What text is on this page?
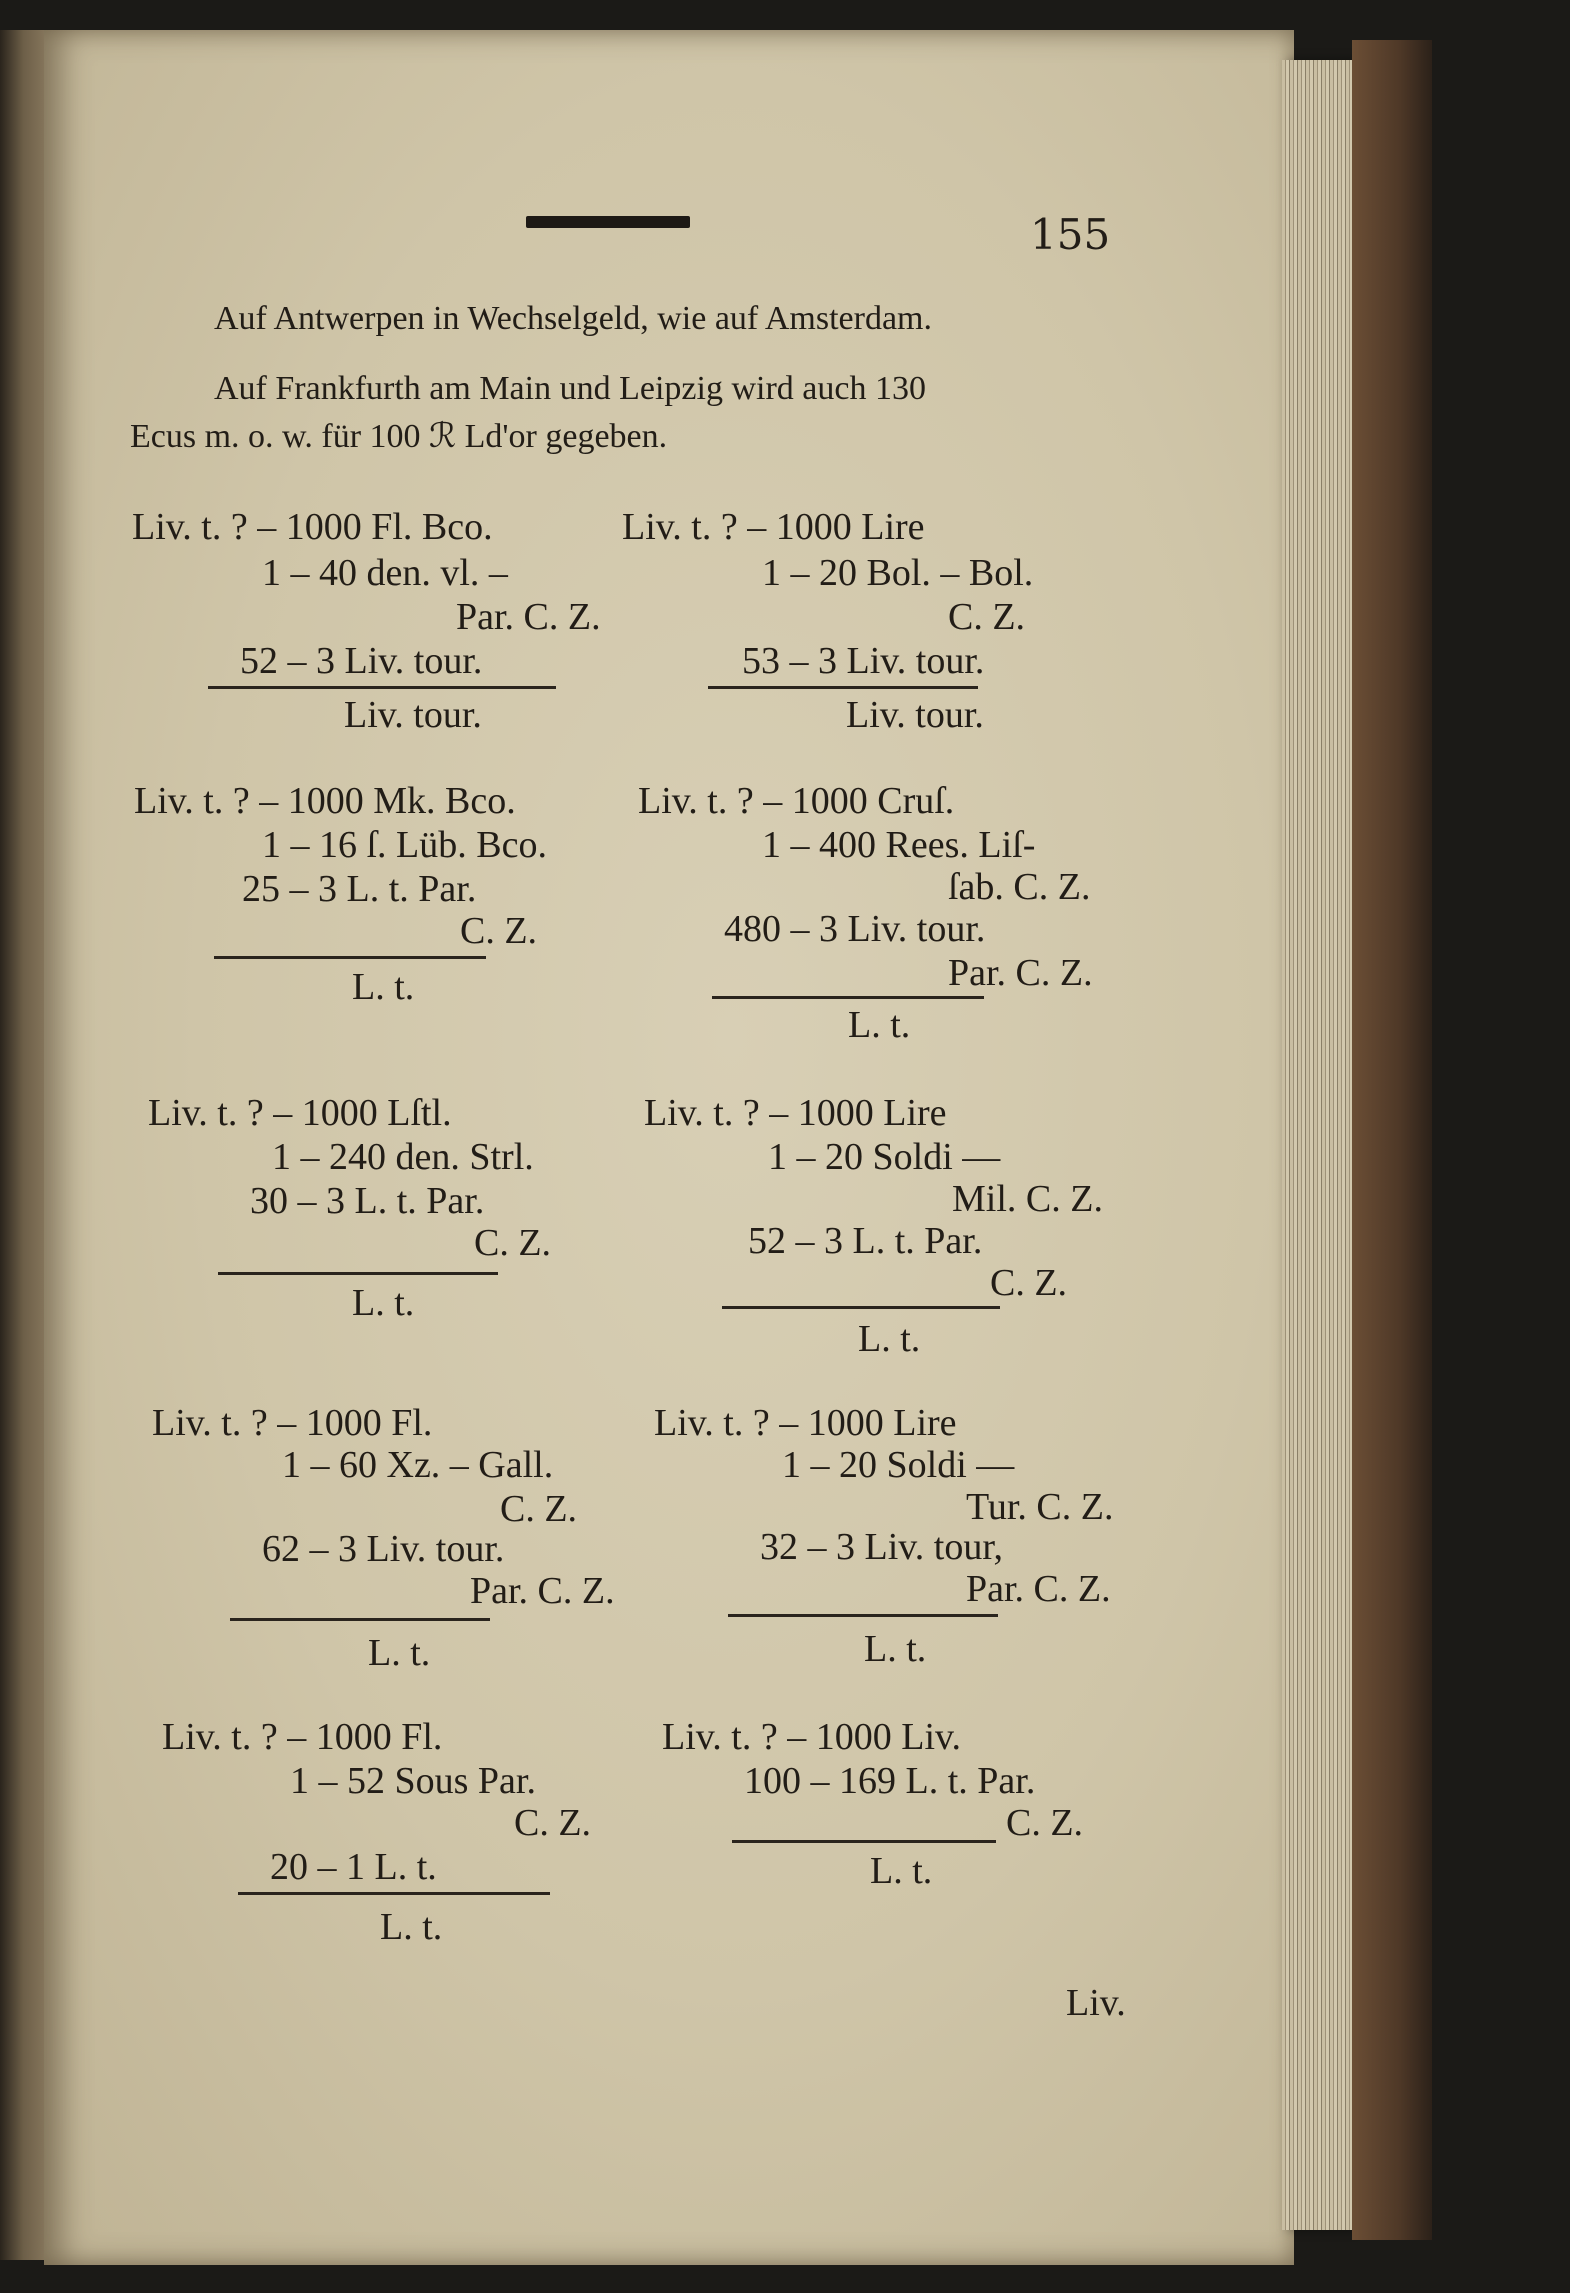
155
Auf Antwerpen in Wechselgeld, wie auf Amsterdam.
Auf Frankfurth am Main und Leipzig wird auch 130
Ecus m. o. w. für 100 ℛ Ld'or gegeben.
Liv. t. ? – 1000 Fl. Bco.
1 – 40 den. vl. –
Par. C. Z.
52 – 3 Liv. tour.
Liv. tour.
Liv. t. ? – 1000 Lire
1 – 20 Bol. – Bol.
C. Z.
53 – 3 Liv. tour.
Liv. tour.
Liv. t. ? – 1000 Mk. Bco.
1 – 16 ſ. Lüb. Bco.
25 – 3 L. t. Par.
C. Z.
L. t.
Liv. t. ? – 1000 Cruſ.
1 – 400 Rees. Liſ-
ſab. C. Z.
480 – 3 Liv. tour.
Par. C. Z.
L. t.
Liv. t. ? – 1000 Lſtl.
1 – 240 den. Strl.
30 – 3 L. t. Par.
C. Z.
L. t.
Liv. t. ? – 1000 Lire
1 – 20 Soldi —
Mil. C. Z.
52 – 3 L. t. Par.
C. Z.
L. t.
Liv. t. ? – 1000 Fl.
1 – 60 Xz. – Gall.
C. Z.
62 – 3 Liv. tour.
Par. C. Z.
L. t.
Liv. t. ? – 1000 Lire
1 – 20 Soldi —
Tur. C. Z.
32 – 3 Liv. tour,
Par. C. Z.
L. t.
Liv. t. ? – 1000 Fl.
1 – 52 Sous Par.
C. Z.
20 – 1 L. t.
L. t.
Liv. t. ? – 1000 Liv.
100 – 169 L. t. Par.
C. Z.
L. t.
Liv.
